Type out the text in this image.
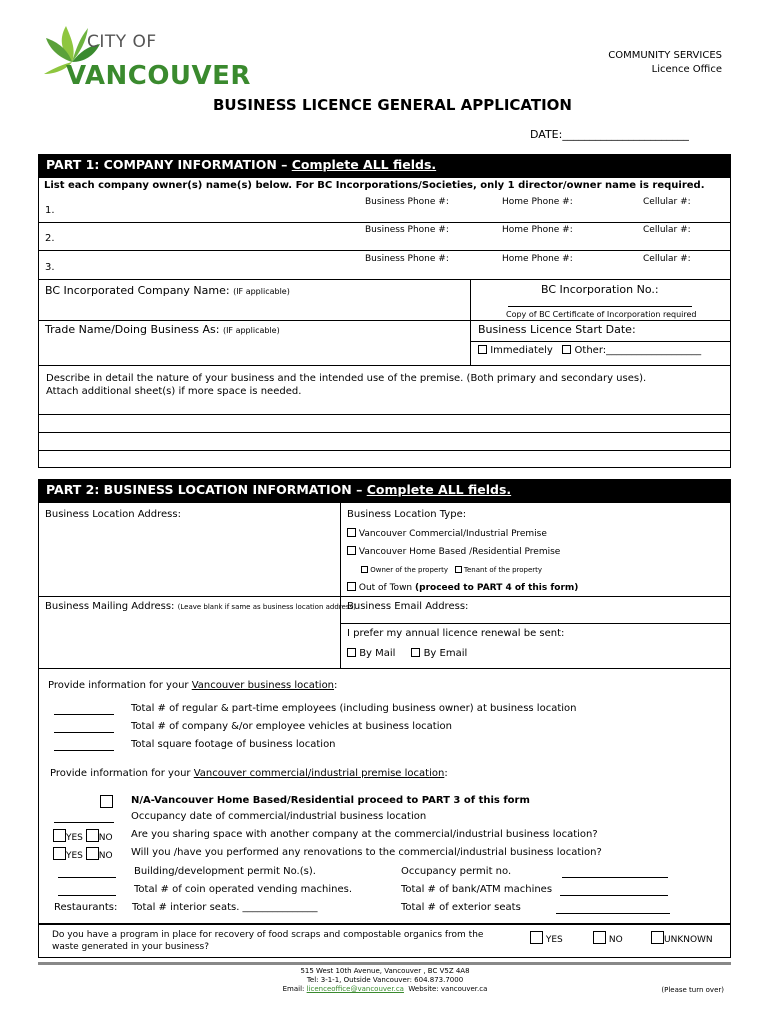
CITY OF
VANCOUVER
COMMUNITY SERVICES
Licence Office
BUSINESS LICENCE GENERAL APPLICATION
DATE:_______________________
PART 1: COMPANY INFORMATION – Complete ALL fields.
List each company owner(s) name(s) below. For BC Incorporations/Societies, only 1 director/owner name is required.
1.
Business Phone #:	Home Phone #:	Cellular #:
2.
Business Phone #:	Home Phone #:	Cellular #:
3.
Business Phone #:	Home Phone #:	Cellular #:
BC Incorporated Company Name: (IF applicable)	BC Incorporation No.:
Copy of BC Certificate of Incorporation required
Trade Name/Doing Business As: (IF applicable)	Business Licence Start Date:
Immediately Other:___________________
Describe in detail the nature of your business and the intended use of the premise. (Both primary and secondary uses).
Attach additional sheet(s) if more space is needed.
PART 2: BUSINESS LOCATION INFORMATION – Complete ALL fields.
Business Location Address:	Business Location Type:
Vancouver Commercial/Industrial Premise
Vancouver Home Based /Residential Premise
Owner of the property Tenant of the property
Out of Town (proceed to PART 4 of this form)
Business Mailing Address: (Leave blank if same as business location address)
Business Email Address:
I prefer my annual licence renewal be sent:
By Mail	By Email
Provide information for your Vancouver business location:
Total # of regular & part-time employees (including business owner) at business location
Total # of company &/or employee vehicles at business location
Total square footage of business location
Provide information for your Vancouver commercial/industrial premise location:
N/A-Vancouver Home Based/Residential proceed to PART 3 of this form
Occupancy date of commercial/industrial business location
YES NO Are you sharing space with another company at the commercial/industrial business location?
YES NO Will you /have you performed any renovations to the commercial/industrial business location?
Building/development permit No.(s).	Occupancy permit no.
Total # of coin operated vending machines.	Total # of bank/ATM machines
Restaurants: Total # interior seats. _______________	Total # of exterior seats
Do you have a program in place for recovery of food scraps and compostable organics from the
waste generated in your business?
YES	NO	UNKNOWN
515 West 10th Avenue, Vancouver , BC V5Z 4A8
Tel: 3-1-1, Outside Vancouver: 604.873.7000
Email: licenceoffice@vancouver.ca Website: vancouver.ca	(Please turn over)
